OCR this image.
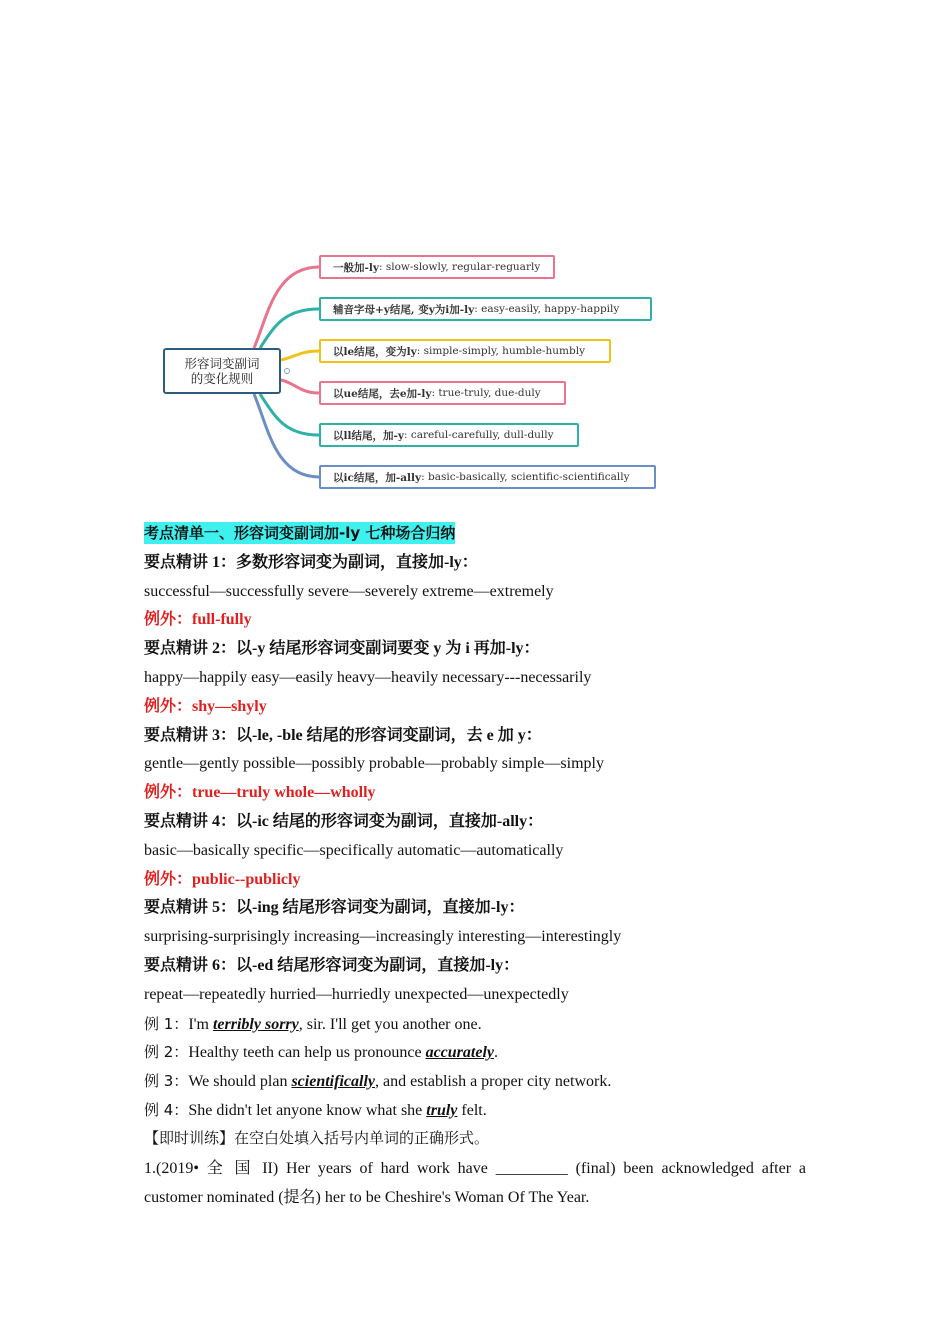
形容词变副词
的变化规则
一般加-ly : slow-slowly, regular-reguarly
辅音字母+y结尾, 变y为i加-ly : easy-easily, happy-happily
以le结尾，变为ly : simple-simply, humble-humbly
以ue结尾，去e加-ly : true-truly, due-duly
以ll结尾，加-y : careful-carefully, dull-dully
以ic结尾，加-ally : basic-basically, scientific-scientifically
考点清单一、形容词变副词加-ly 七种场合归纳
要点精讲 1：多数形容词变为副词，直接加-ly：
successful—successfully severe—severely extreme—extremely
例外：full-fully
要点精讲 2：以-y 结尾形容词变副词要变 y 为 i 再加-ly：
happy—happily easy—easily heavy—heavily necessary---necessarily
例外：shy—shyly
要点精讲 3：以-le, -ble 结尾的形容词变副词，去 e 加 y：
gentle—gently possible—possibly probable—probably simple—simply
例外：true—truly whole—wholly
要点精讲 4：以-ic 结尾的形容词变为副词，直接加-ally：
basic—basically specific—specifically automatic—automatically
例外：public--publicly
要点精讲 5：以-ing 结尾形容词变为副词，直接加-ly：
surprising-surprisingly increasing—increasingly interesting—interestingly
要点精讲 6：以-ed 结尾形容词变为副词，直接加-ly：
repeat—repeatedly hurried—hurriedly unexpected—unexpectedly
例 1：I'm terribly sorry, sir. I'll get you another one.
例 2：Healthy teeth can help us pronounce accurately.
例 3：We should plan scientifically, and establish a proper city network.
例 4：She didn't let anyone know what she truly felt.
【即时训练】在空白处填入括号内单词的正确形式。
1.(2019• 全 国 II) Her years of hard work have _________ (final) been acknowledged after a
customer nominated (提名) her to be Cheshire's Woman Of The Year.
